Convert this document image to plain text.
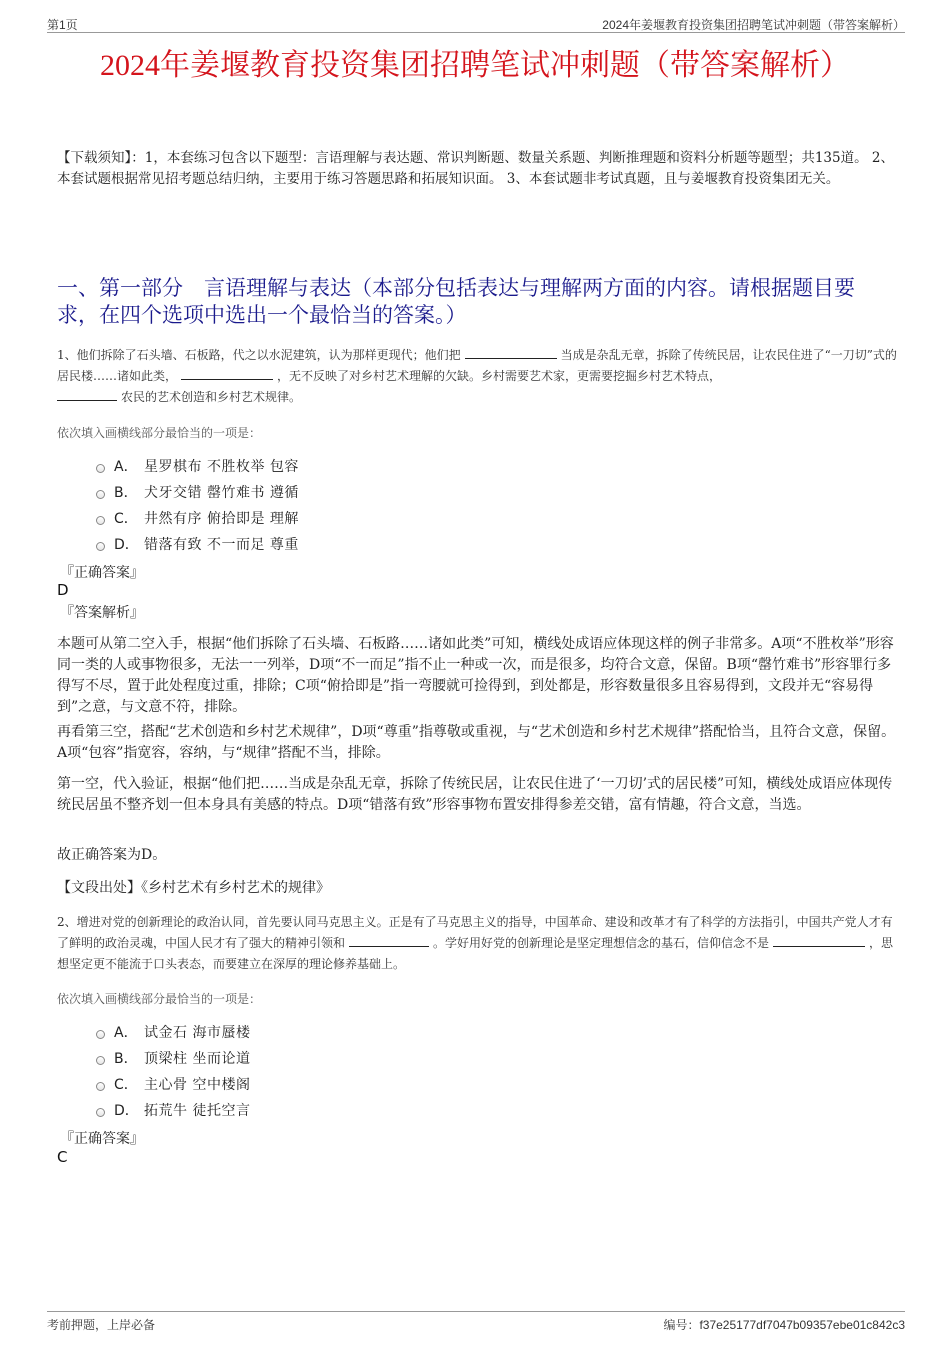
第1页	2024年姜堰教育投资集团招聘笔试冲刺题（带答案解析）
2024年姜堰教育投资集团招聘笔试冲刺题（带答案解析）
【下载须知】：1，本套练习包含以下题型：言语理解与表达题、常识判断题、数量关系题、判断推理题和资料分析题等题型；共135道。 2、本套试题根据常见招考题总结归纳，主要用于练习答题思路和拓展知识面。 3、本套试题非考试真题，且与姜堰教育投资集团无关。
一、第一部分　言语理解与表达（本部分包括表达与理解两方面的内容。请根据题目要求，在四个选项中选出一个最恰当的答案。）
1、他们拆除了石头墙、石板路，代之以水泥建筑，认为那样更现代；他们把	当成是杂乱无章，拆除了传统民居，让农民住进了“一刀切”式的居民楼……诸如此类，	，无不反映了对乡村艺术理解的欠缺。乡村需要艺术家，更需要挖掘乡村艺术特点，
农民的艺术创造和乡村艺术规律。
依次填入画横线部分最恰当的一项是：
A． 星罗棋布 不胜枚举 包容
B． 犬牙交错 罄竹难书 遵循
C． 井然有序 俯拾即是 理解
D． 错落有致 不一而足 尊重
『正确答案』
D
『答案解析』
本题可从第二空入手，根据“他们拆除了石头墙、石板路……诸如此类”可知，横线处成语应体现这样的例子非常多。A项“不胜枚举”形容同一类的人或事物很多，无法一一列举，D项“不一而足”指不止一种或一次，而是很多，均符合文意，保留。B项“罄竹难书”形容罪行多得写不尽，置于此处程度过重，排除；C项“俯拾即是”指一弯腰就可捡得到，到处都是，形容数量很多且容易得到，文段并无“容易得到”之意，与文意不符，排除。
再看第三空，搭配“艺术创造和乡村艺术规律”，D项“尊重”指尊敬或重视，与“艺术创造和乡村艺术规律”搭配恰当，且符合文意，保留。A项“包容”指宽容，容纳，与“规律”搭配不当，排除。
第一空，代入验证，根据“他们把……当成是杂乱无章，拆除了传统民居，让农民住进了‘一刀切’式的居民楼”可知，横线处成语应体现传统民居虽不整齐划一但本身具有美感的特点。D项“错落有致”形容事物布置安排得参差交错，富有情趣，符合文意，当选。
故正确答案为D。
【文段出处】《乡村艺术有乡村艺术的规律》
2、增进对党的创新理论的政治认同，首先要认同马克思主义。正是有了马克思主义的指导，中国革命、建设和改革才有了科学的方法指引，中国共产党人才有了鲜明的政治灵魂，中国人民才有了强大的精神引领和	。学好用好党的创新理论是坚定理想信念的基石，信仰信念不是	，思想坚定更不能流于口头表态，而要建立在深厚的理论修养基础上。
依次填入画横线部分最恰当的一项是：
A． 试金石 海市蜃楼
B． 顶梁柱 坐而论道
C． 主心骨 空中楼阁
D． 拓荒牛 徒托空言
『正确答案』
C
考前押题，上岸必备	编号：f37e25177df7047b09357ebe01c842c3
